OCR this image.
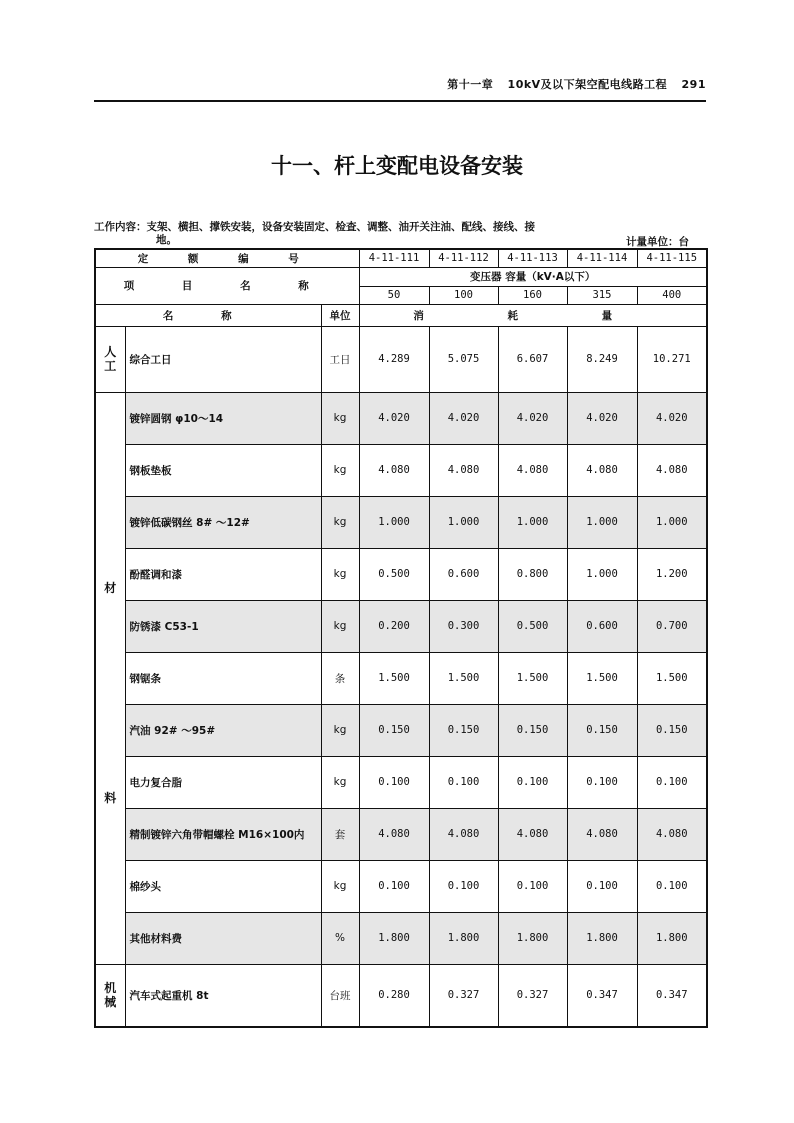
第十一章 10kV及以下架空配电线路工程 291
十一、杆上变配电设备安装
工作内容：支架、横担、撑铁安装，设备安装固定、检查、调整、油开关注油、配线、接线、接
地。	计量单位：台
定 额 编 号			4-11-111	4-11-112	4-11-113	4-11-114	4-11-115
项 目 名 称			变压器 容量（kV·A以下）				
			50	100	160	315	400
名 称		单位	消 耗 量				

人工	综合工日	工日	4.289	5.075	6.607	8.249	10.271

材
料	镀锌圆钢 φ10～14	kg	4.020	4.020	4.020	4.020	4.020
	钢板垫板	kg	4.080	4.080	4.080	4.080	4.080
	镀锌低碳钢丝 8# ～12#	kg	1.000	1.000	1.000	1.000	1.000
	酚醛调和漆	kg	0.500	0.600	0.800	1.000	1.200
	防锈漆 C53-1	kg	0.200	0.300	0.500	0.600	0.700
	钢锯条	条	1.500	1.500	1.500	1.500	1.500
	汽油 92# ～95#	kg	0.150	0.150	0.150	0.150	0.150
	电力复合脂	kg	0.100	0.100	0.100	0.100	0.100
	精制镀锌六角带帽螺栓 M16×100内	套	4.080	4.080	4.080	4.080	4.080
	棉纱头	kg	0.100	0.100	0.100	0.100	0.100
	其他材料费	%	1.800	1.800	1.800	1.800	1.800

机械	汽车式起重机 8t	台班	0.280	0.327	0.327	0.347	0.347
